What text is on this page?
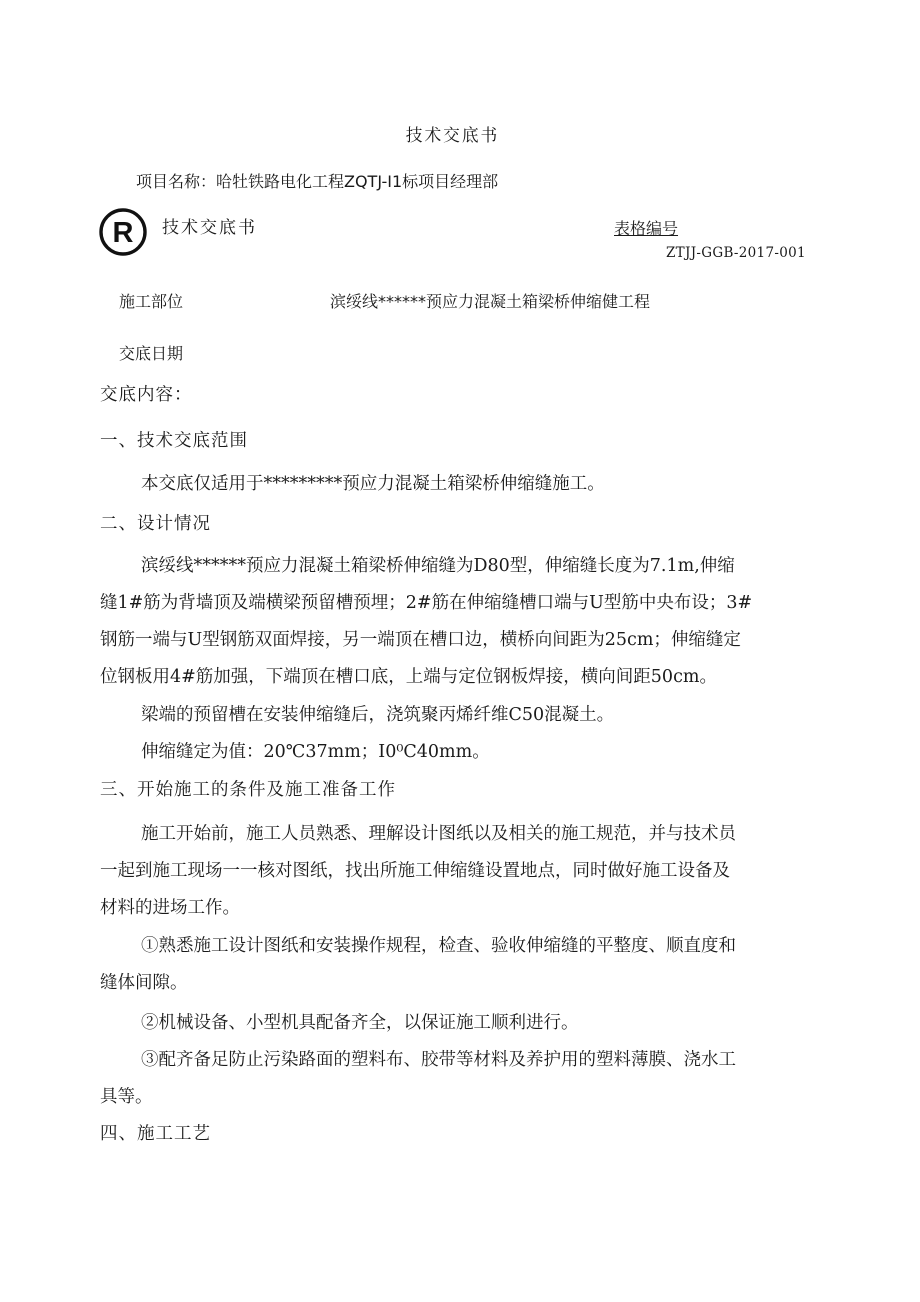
技术交底书
项目名称：哈牡铁路电化工程ZQTJ-I1标项目经理部
R 技术交底书	表格编号
ZTJJ-GGB-2017-001
施工部位	滨绥线******预应力混凝土箱梁桥伸缩健工程
交底日期
交底内容：
一、技术交底范围
本交底仅适用于*********预应力混凝土箱梁桥伸缩缝施工。
二、设计情况
滨绥线******预应力混凝土箱梁桥伸缩缝为D80型，伸缩缝长度为7.1m,伸缩
缝1#筋为背墙顶及端横梁预留槽预埋；2#筋在伸缩缝槽口端与U型筋中央布设；3#
钢筋一端与U型钢筋双面焊接，另一端顶在槽口边，横桥向间距为25cm；伸缩缝定
位钢板用4#筋加强，下端顶在槽口底，上端与定位钢板焊接，横向间距50cm。
梁端的预留槽在安装伸缩缝后，浇筑聚丙烯纤维C50混凝土。
伸缩缝定为值：20℃37mm；I0⁰C40mm。
三、开始施工的条件及施工准备工作
施工开始前，施工人员熟悉、理解设计图纸以及相关的施工规范，并与技术员
一起到施工现场一一核对图纸，找出所施工伸缩缝设置地点，同时做好施工设备及
材料的进场工作。
①熟悉施工设计图纸和安装操作规程，检查、验收伸缩缝的平整度、顺直度和
缝体间隙。
②机械设备、小型机具配备齐全，以保证施工顺利进行。
③配齐备足防止污染路面的塑料布、胶带等材料及养护用的塑料薄膜、浇水工
具等。
四、施工工艺
